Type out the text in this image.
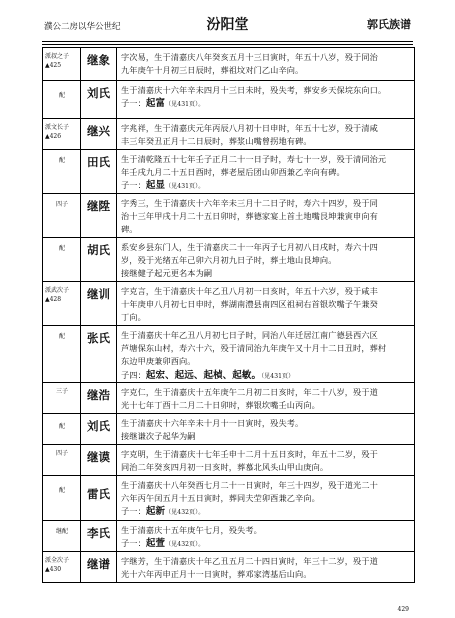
濮公二房以华公世纪	汾阳堂	郭氏族谱
派叔之子
▲425	继象	字次易，生于清嘉庆八年癸亥五月十三日寅时，年五十八岁，殁于同治
九年庚午十月初三日辰时，葬祖坟对门乙山辛向。
配	刘氏	生于清嘉庆十六年辛未四月十三日未时，殁失考，葬安乡天保垸东向口。
子一：起富（见431页）。
派文长子
▲426	继兴	字兆祥，生于清嘉庆元年丙辰八月初十日申时，年五十七岁，殁于清咸
丰三年癸丑正月十二日辰时，葬浆山嘴曾拐地有碑。
配	田氏	生于清乾隆五十七年壬子正月二十一日子时，寿七十一岁，殁于清同治元
年壬戌九月二十五日酉时，葬老屋后团山卯酉兼乙辛向有碑。
子一：起显（见431页）。
四子	继陞	字秀三，生于清嘉庆十六年辛未三月十二日子时，寿六十四岁，殁于同
治十三年甲戌十月二十五日卯时，葬德家宴上首土地嘴艮坤兼寅申向有
碑。
配	胡氏	系安乡县东门人，生于清嘉庆二十一年丙子七月初八日戌时，寿六十四
岁，殁于光绪五年己卯六月初九日子时，葬土地山艮坤向。
接继健子起元更名本为嗣
派武次子
▲428	继训	字克言，生于清嘉庆十年乙丑八月初一日亥时，年五十六岁，殁于咸丰
十年庚申八月初七日申时，葬湖南澧县南四区祖祠右首银坎嘴子午兼癸
丁向。
配	张氏	生于清嘉庆十年乙丑八月初七日子时，同治八年迁居江南广德县西六区
芦塘保东山村，寿六十六，殁于清同治九年庚午又十月十二日丑时，葬村
东边甲庚兼卯酉向。
子四：起宏、起远、起楨、起敏。（见431页）
三子	继浩	字克仁，生于清嘉庆十五年庚午二月初二日亥时，年二十八岁，殁于道
光十七年丁酉十二月二十日卯时，葬银坎嘴壬山丙向。
配	刘氏	生于清嘉庆十六年辛未十月十一日寅时，殁失考。
接继谦次子起华为嗣
四子	继谟	字克明，生于清嘉庆十七年壬申十二月十五日亥时，年五十二岁，殁于
同治二年癸亥四月初一日亥时，葬慕北风头山甲山庚向。
配	雷氏
生于清嘉庆十八年癸酉七月二十一日寅时，年三十四岁，殁于道光二十
六年丙午闰五月十五日寅时，葬同夫茔卯酉兼乙辛向。
子一：起新（见432页）。
继配	李氏	生于清嘉庆十五年庚午七月，殁失考。
子一：起萱（见432页）。
派全次子
▲430	继谱	字继芳，生于清嘉庆十年乙丑五月二十四日寅时，年三十二岁，殁于道
光十六年丙申正月十一日寅时，葬邓家湾基后山向。
429
